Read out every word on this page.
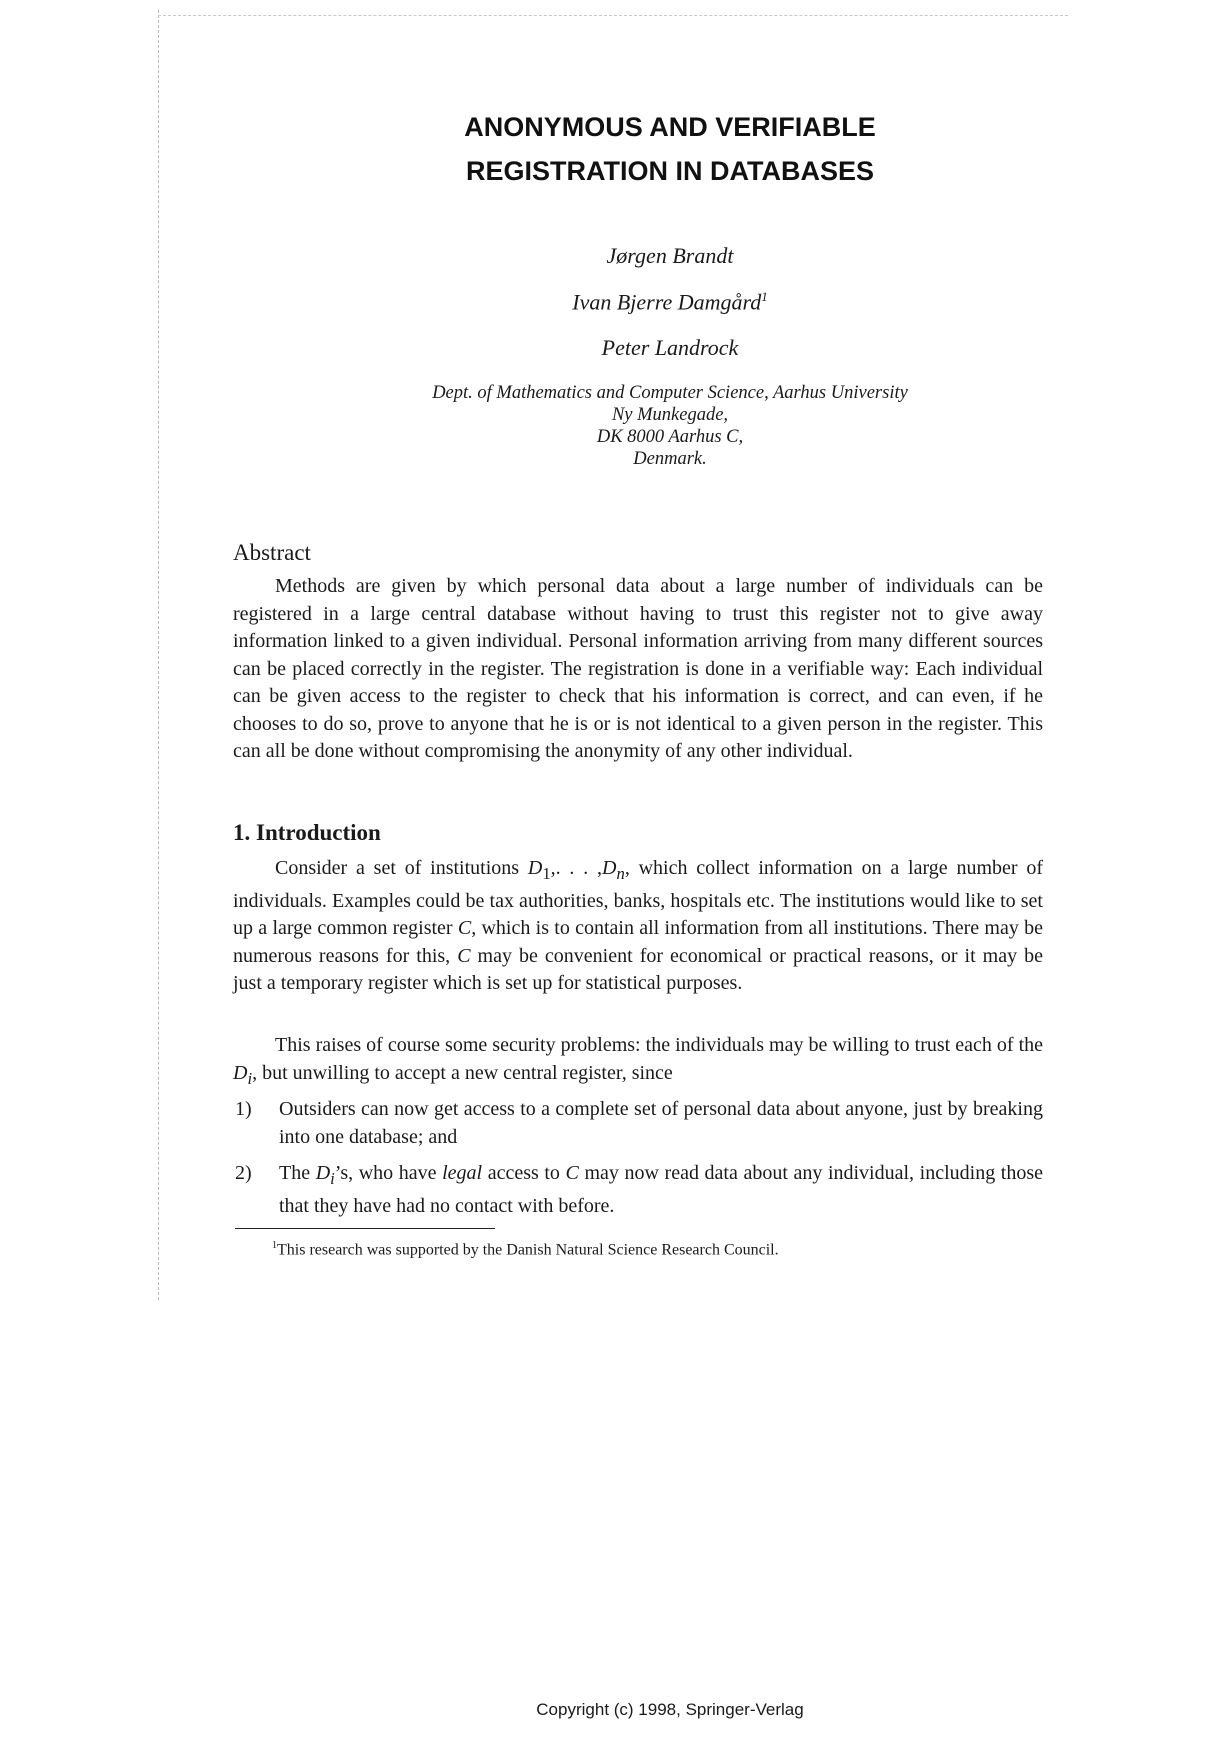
ANONYMOUS AND VERIFIABLE
REGISTRATION IN DATABASES

Jørgen Brandt

Ivan Bjerre Damgård$^1$

Peter Landrock

Dept. of Mathematics and Computer Science, Aarhus University
Ny Munkegade,
DK 8000 Aarhus C,
Denmark.
Abstract

Methods are given by which personal data about a large number of individuals can be registered in a large central database without having to trust this register not to give away information linked to a given individual. Personal information arriving from many different sources can be placed correctly in the register. The registration is done in a verifiable way: Each individual can be given access to the register to check that his information is correct, and can even, if he chooses to do so, prove to anyone that he is or is not identical to a given person in the register. This can all be done without compromising the anonymity of any other individual.

1. Introduction

Consider a set of institutions $D_1$,. . . $,D_n$, which collect information on a large number of individuals. Examples could be tax authorities, banks, hospitals etc. The institutions would like to set up a large common register C, which is to contain all information from all institutions. There may be numerous reasons for this, C may be convenient for economical or practical reasons, or it may be just a temporary register which is set up for statistical purposes.

This raises of course some security problems: the individuals may be willing to trust each of the $D_i$, but unwilling to accept a new central register, since

1) Outsiders can now get access to a complete set of personal data about anyone, just by breaking into one database; and
2) The $D_i’s$, who have legal access to C may now read data about any individual, including those that they have had no contact with before.

$^1$This research was supported by the Danish Natural Science Research Council.

Copyright (c) 1998, Springer-Verlag
